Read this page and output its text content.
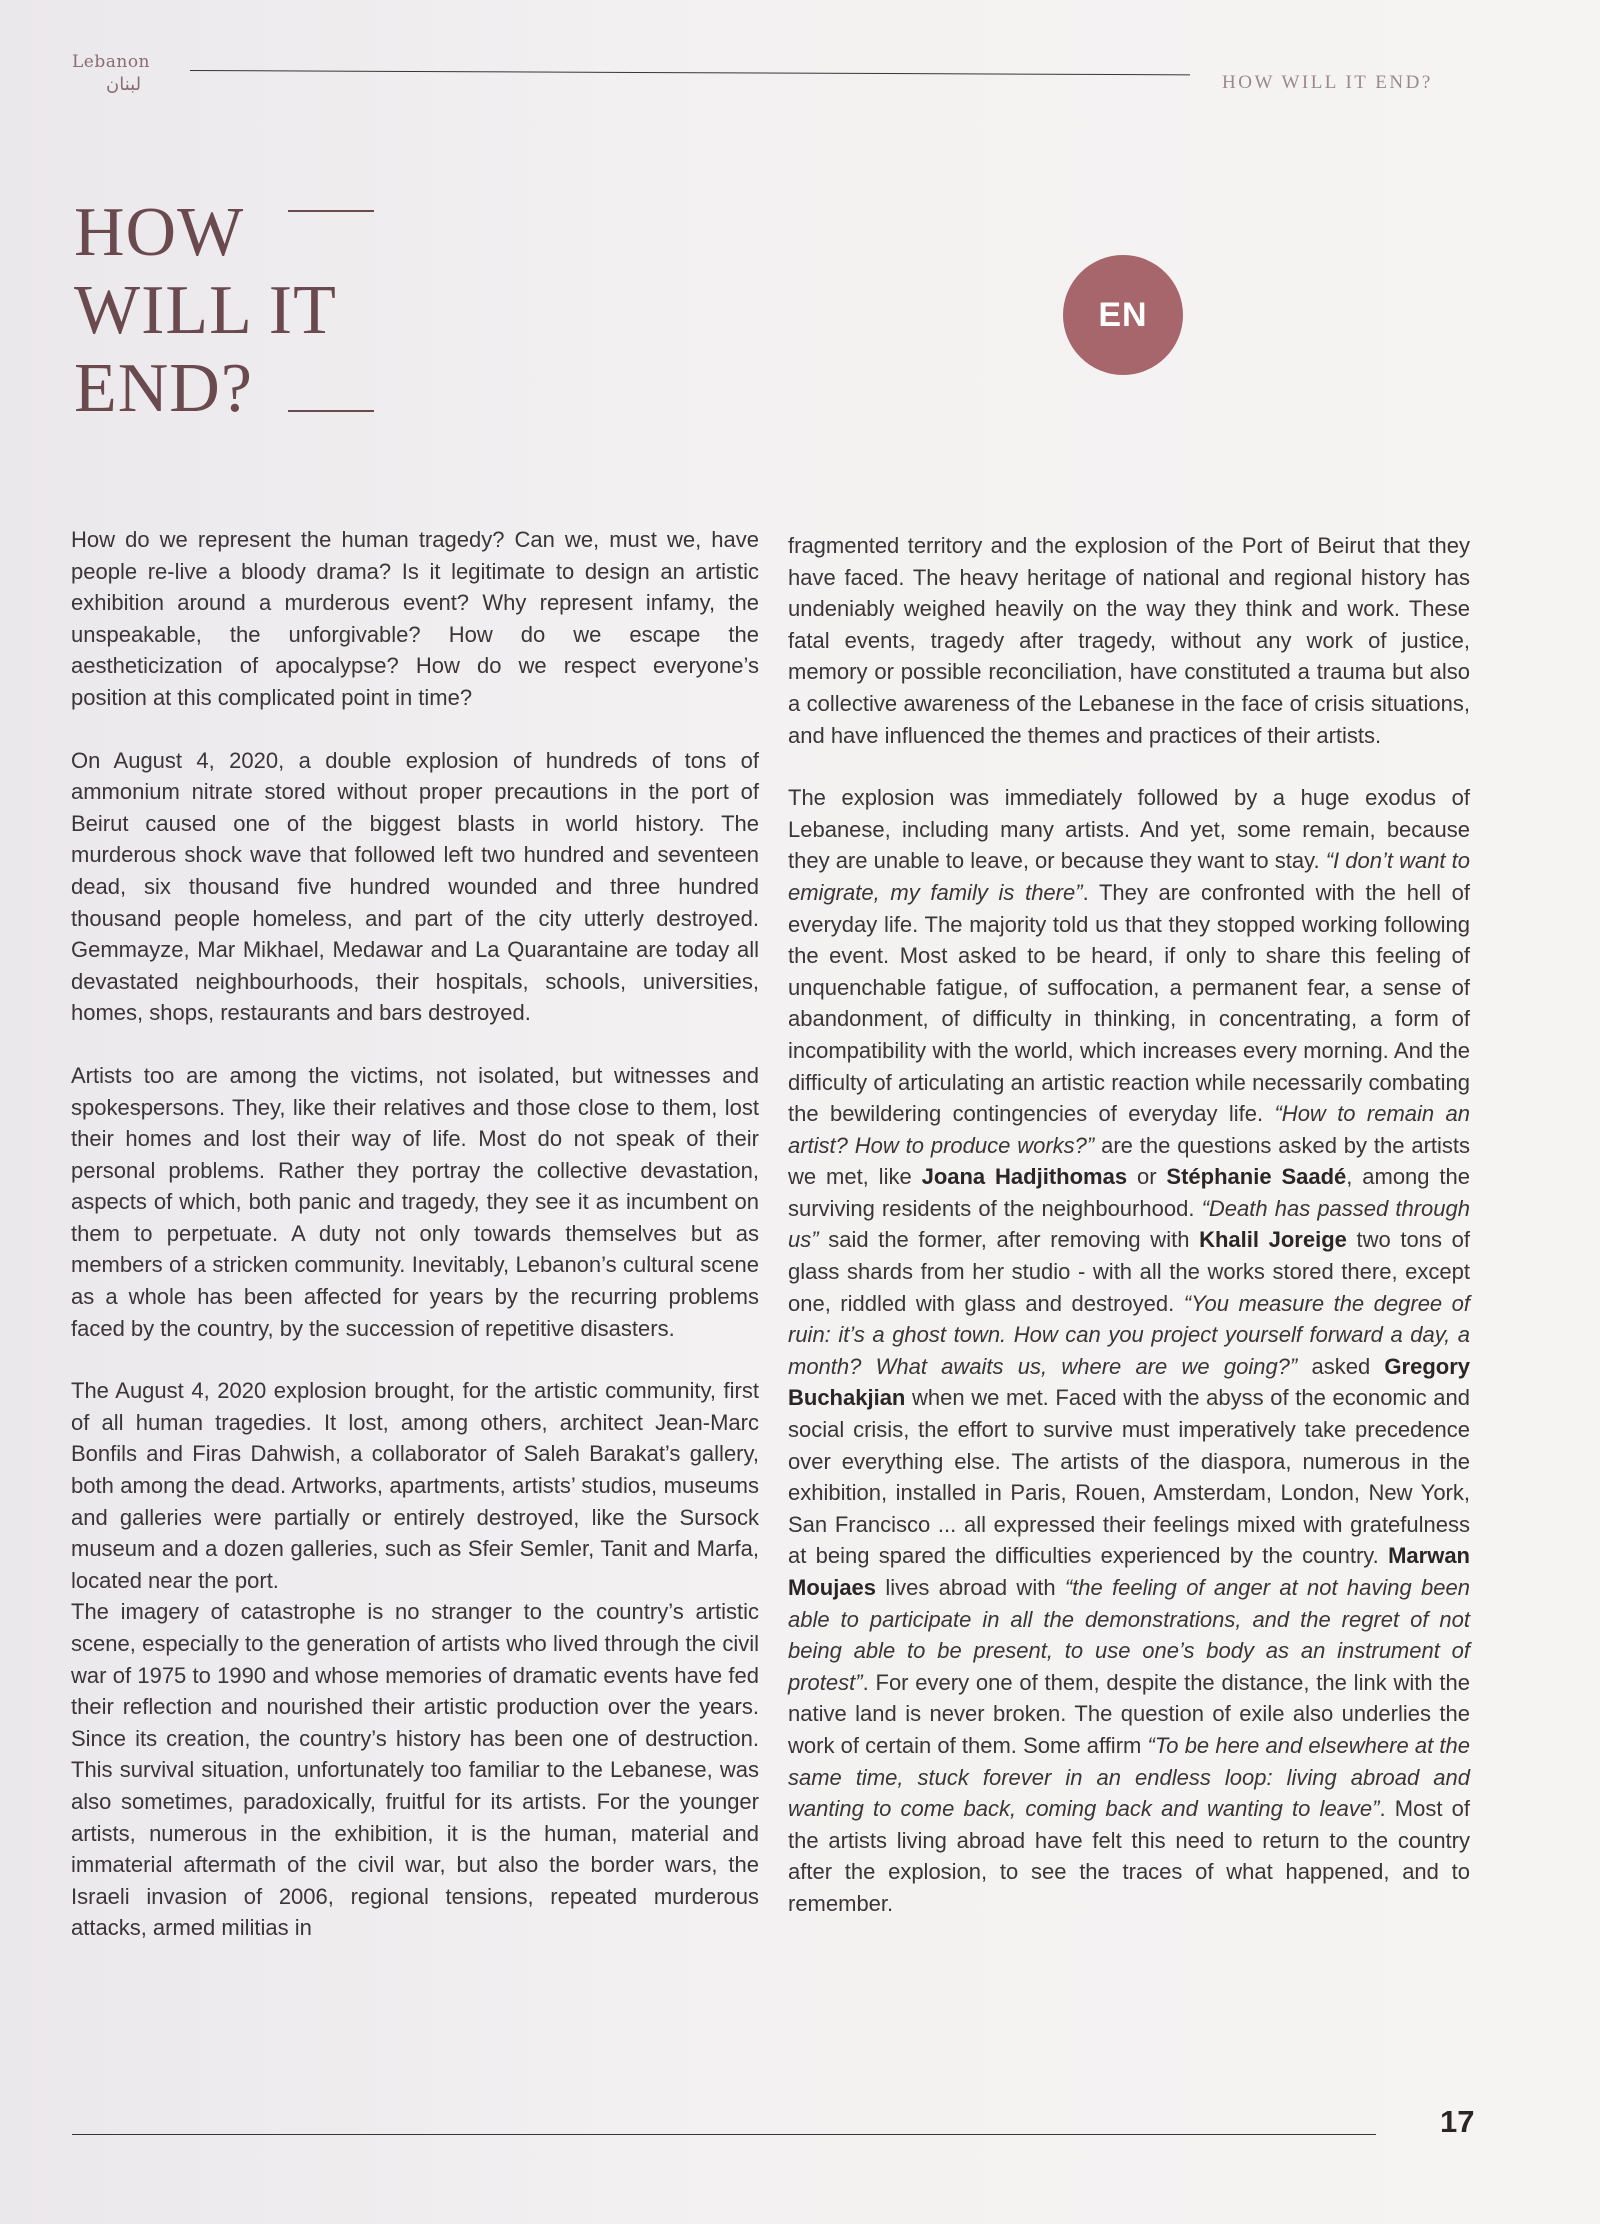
Lebanon
لبنان	HOW WILL IT END?
HOW
WILL IT
END?
EN

How do we represent the human tragedy? Can we, must we, have people re-live a bloody drama? Is it legitimate to design an artistic exhibition around a murderous event? Why represent infamy, the unspeakable, the unforgivable? How do we escape the aestheticization of apocalypse? How do we respect everyone’s position at this complicated point in time?

On August 4, 2020, a double explosion of hundreds of tons of ammonium nitrate stored without proper precautions in the port of Beirut caused one of the biggest blasts in world history. The murderous shock wave that followed left two hundred and seventeen dead, six thousand five hundred wounded and three hundred thousand people homeless, and part of the city utterly destroyed. Gemmayze, Mar Mikhael, Medawar and La Quarantaine are today all devastated neighbourhoods, their hospitals, schools, universities, homes, shops, restaurants and bars destroyed.

Artists too are among the victims, not isolated, but witnesses and spokespersons. They, like their relatives and those close to them, lost their homes and lost their way of life. Most do not speak of their personal problems. Rather they portray the collective devastation, aspects of which, both panic and tragedy, they see it as incumbent on them to perpetuate. A duty not only towards themselves but as members of a stricken community. Inevitably, Lebanon’s cultural scene as a whole has been affected for years by the recurring problems faced by the country, by the succession of repetitive disasters.

The August 4, 2020 explosion brought, for the artistic community, first of all human tragedies. It lost, among others, architect Jean-Marc Bonfils and Firas Dahwish, a collaborator of Saleh Barakat’s gallery, both among the dead. Artworks, apartments, artists’ studios, museums and galleries were partially or entirely destroyed, like the Sursock museum and a dozen galleries, such as Sfeir Semler, Tanit and Marfa, located near the port.

The imagery of catastrophe is no stranger to the country’s artistic scene, especially to the generation of artists who lived through the civil war of 1975 to 1990 and whose memories of dramatic events have fed their reflection and nourished their artistic production over the years. Since its creation, the country’s history has been one of destruction. This survival situation, unfortunately too familiar to the Lebanese, was also sometimes, paradoxically, fruitful for its artists. For the younger artists, numerous in the exhibition, it is the human, material and immaterial aftermath of the civil war, but also the border wars, the Israeli invasion of 2006, regional tensions, repeated murderous attacks, armed militias in

fragmented territory and the explosion of the Port of Beirut that they have faced. The heavy heritage of national and regional history has undeniably weighed heavily on the way they think and work. These fatal events, tragedy after tragedy, without any work of justice, memory or possible reconciliation, have constituted a trauma but also a collective awareness of the Lebanese in the face of crisis situations, and have influenced the themes and practices of their artists.

The explosion was immediately followed by a huge exodus of Lebanese, including many artists. And yet, some remain, because they are unable to leave, or because they want to stay. “I don’t want to emigrate, my family is there”. They are confronted with the hell of everyday life. The majority told us that they stopped working following the event. Most asked to be heard, if only to share this feeling of unquenchable fatigue, of suffocation, a permanent fear, a sense of abandonment, of difficulty in thinking, in concentrating, a form of incompatibility with the world, which increases every morning. And the difficulty of articulating an artistic reaction while necessarily combating the bewildering contingencies of everyday life. “How to remain an artist? How to produce works?” are the questions asked by the artists we met, like Joana Hadjithomas or Stéphanie Saadé, among the surviving residents of the neighbourhood. “Death has passed through us” said the former, after removing with Khalil Joreige two tons of glass shards from her studio - with all the works stored there, except one, riddled with glass and destroyed. “You measure the degree of ruin: it’s a ghost town. How can you project yourself forward a day, a month? What awaits us, where are we going?” asked Gregory Buchakjian when we met. Faced with the abyss of the economic and social crisis, the effort to survive must imperatively take precedence over everything else. The artists of the diaspora, numerous in the exhibition, installed in Paris, Rouen, Amsterdam, London, New York, San Francisco ... all expressed their feelings mixed with gratefulness at being spared the difficulties experienced by the country. Marwan Moujaes lives abroad with “the feeling of anger at not having been able to participate in all the demonstrations, and the regret of not being able to be present, to use one’s body as an instrument of protest”. For every one of them, despite the distance, the link with the native land is never broken. The question of exile also underlies the work of certain of them. Some affirm “To be here and elsewhere at the same time, stuck forever in an endless loop: living abroad and wanting to come back, coming back and wanting to leave”. Most of the artists living abroad have felt this need to return to the country after the explosion, to see the traces of what happened, and to remember.

17
